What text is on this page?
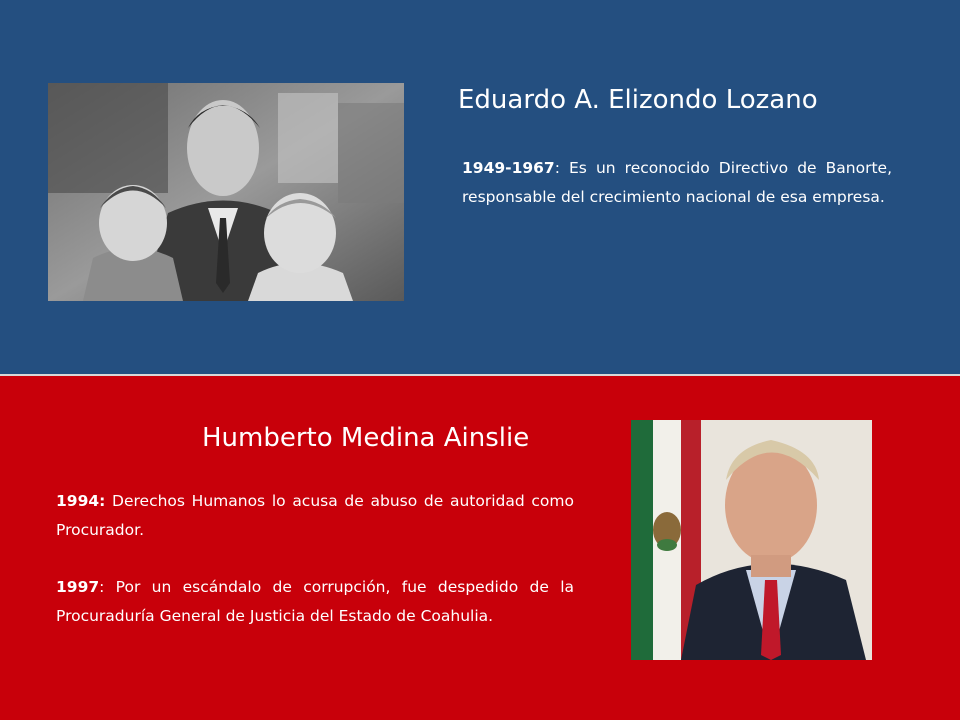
Eduardo A. Elizondo Lozano

1949-1967: Es un reconocido Directivo de Banorte, responsable del crecimiento nacional de esa empresa.

Humberto Medina Ainslie

1994: Derechos Humanos lo acusa de abuso de autoridad como Procurador.

1997: Por un escándalo de corrupción, fue despedido de la Procuraduría General de Justicia del Estado de Coahulia.
